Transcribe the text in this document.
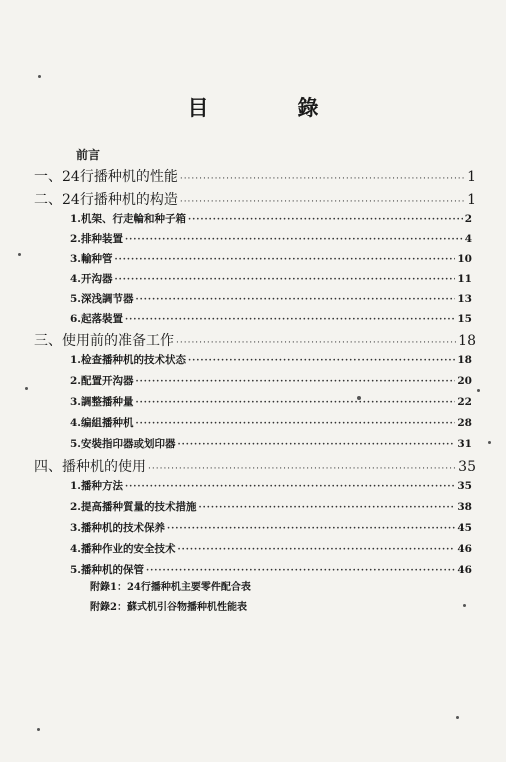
目　錄
前言
一、24行播种机的性能 ·····	1
二、24行播种机的构造 ·····	1
1.机架、行走輪和种子箱 ·····	2
2.排种装置 ·····	4
3.輸种管 ·····	10
4.开沟器 ·····	11
5.深浅調节器 ·····	13
6.起落裝置 ·····	15
三、使用前的准备工作 ·····	18
1.检查播种机的技术状态 ·····	18
2.配置开沟器 ·····	20
3.調整播种量 ·····	22
4.编組播种机 ·····	28
5.安裝指印器或划印器 ·····	31
四、播种机的使用 ·····	35
1.播种方法 ·····	35
2.提高播种質量的技术措施 ·····	38
3.播种机的技术保养 ·····	45
4.播种作业的安全技术 ·····	46
5.播种机的保管 ·····	46
附錄1：24行播种机主要零件配合表
附錄2：蘇式机引谷物播种机性能表
